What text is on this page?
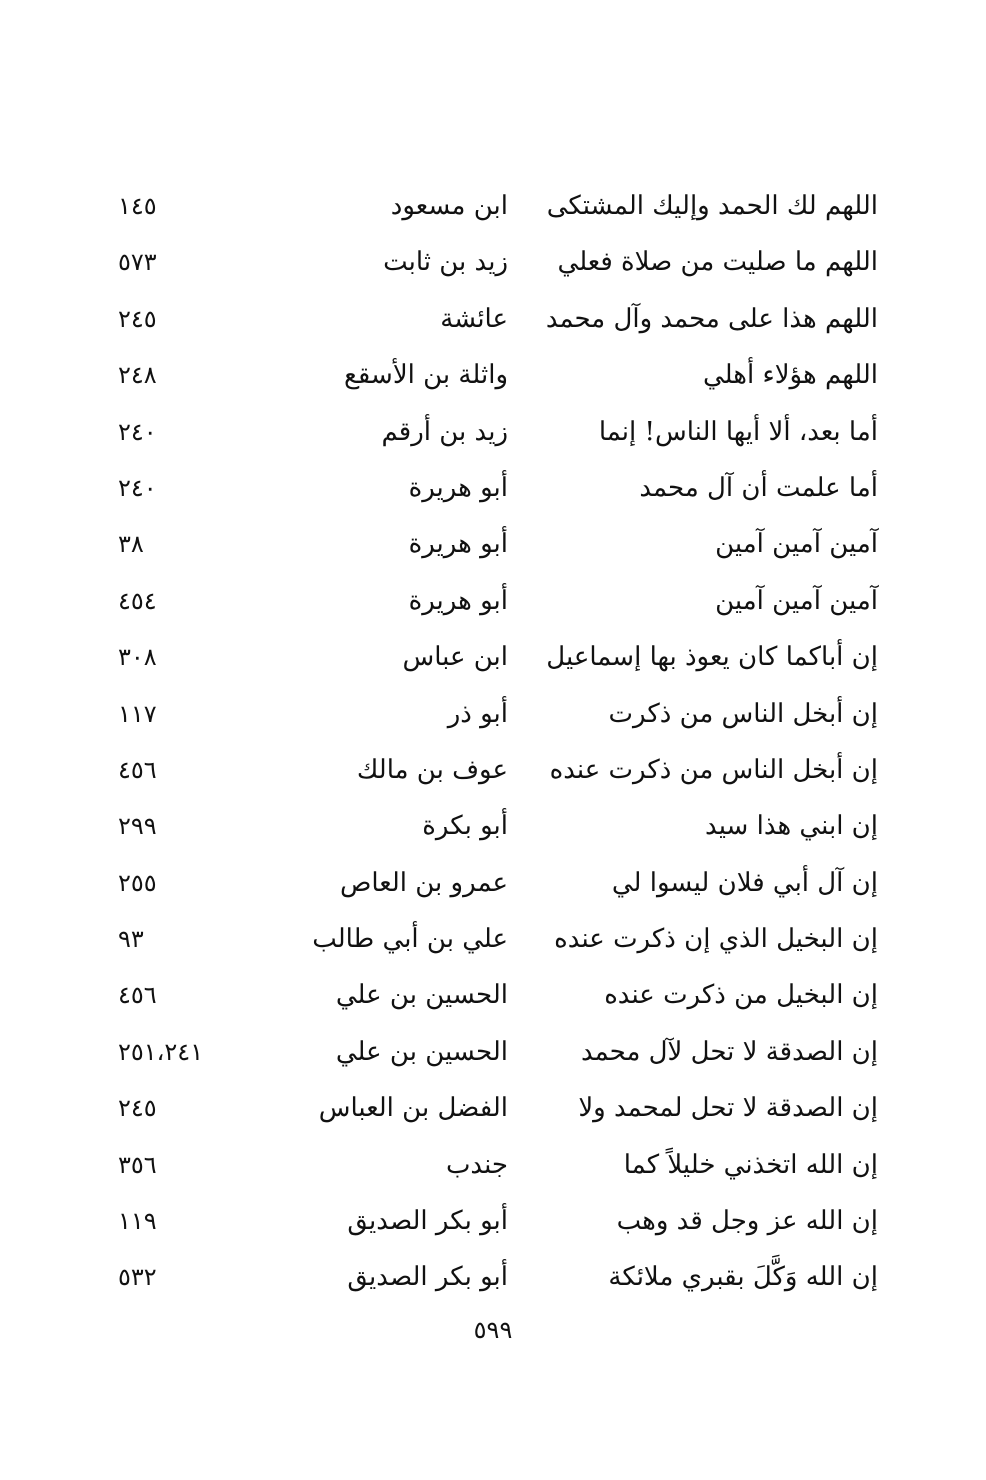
اللهم لك الحمد وإليك المشتكى
ابن مسعود
١٤٥
اللهم ما صليت من صلاة فعلي
زيد بن ثابت
٥٧٣
اللهم هذا على محمد وآل محمد
عائشة
٢٤٥
اللهم هؤلاء أهلي
واثلة بن الأسقع
٢٤٨
أما بعد، ألا أيها الناس! إنما
زيد بن أرقم
٢٤٠
أما علمت أن آل محمد
أبو هريرة
٢٤٠
آمين آمين آمين
أبو هريرة
٣٨
آمين آمين آمين
أبو هريرة
٤٥٤
إن أباكما كان يعوذ بها إسماعيل
ابن عباس
٣٠٨
إن أبخل الناس من ذكرت
أبو ذر
١١٧
إن أبخل الناس من ذكرت عنده
عوف بن مالك
٤٥٦
إن ابني هذا سيد
أبو بكرة
٢٩٩
إن آل أبي فلان ليسوا لي
عمرو بن العاص
٢٥٥
إن البخيل الذي إن ذكرت عنده
علي بن أبي طالب
٩٣
إن البخيل من ذكرت عنده
الحسين بن علي
٤٥٦
إن الصدقة لا تحل لآل محمد
الحسين بن علي
٢٥١،٢٤١
إن الصدقة لا تحل لمحمد ولا
الفضل بن العباس
٢٤٥
إن الله اتخذني خليلاً كما
جندب
٣٥٦
إن الله عز وجل قد وهب
أبو بكر الصديق
١١٩
إن الله وَكَّلَ بقبري ملائكة
أبو بكر الصديق
٥٣٢
٥٩٩
